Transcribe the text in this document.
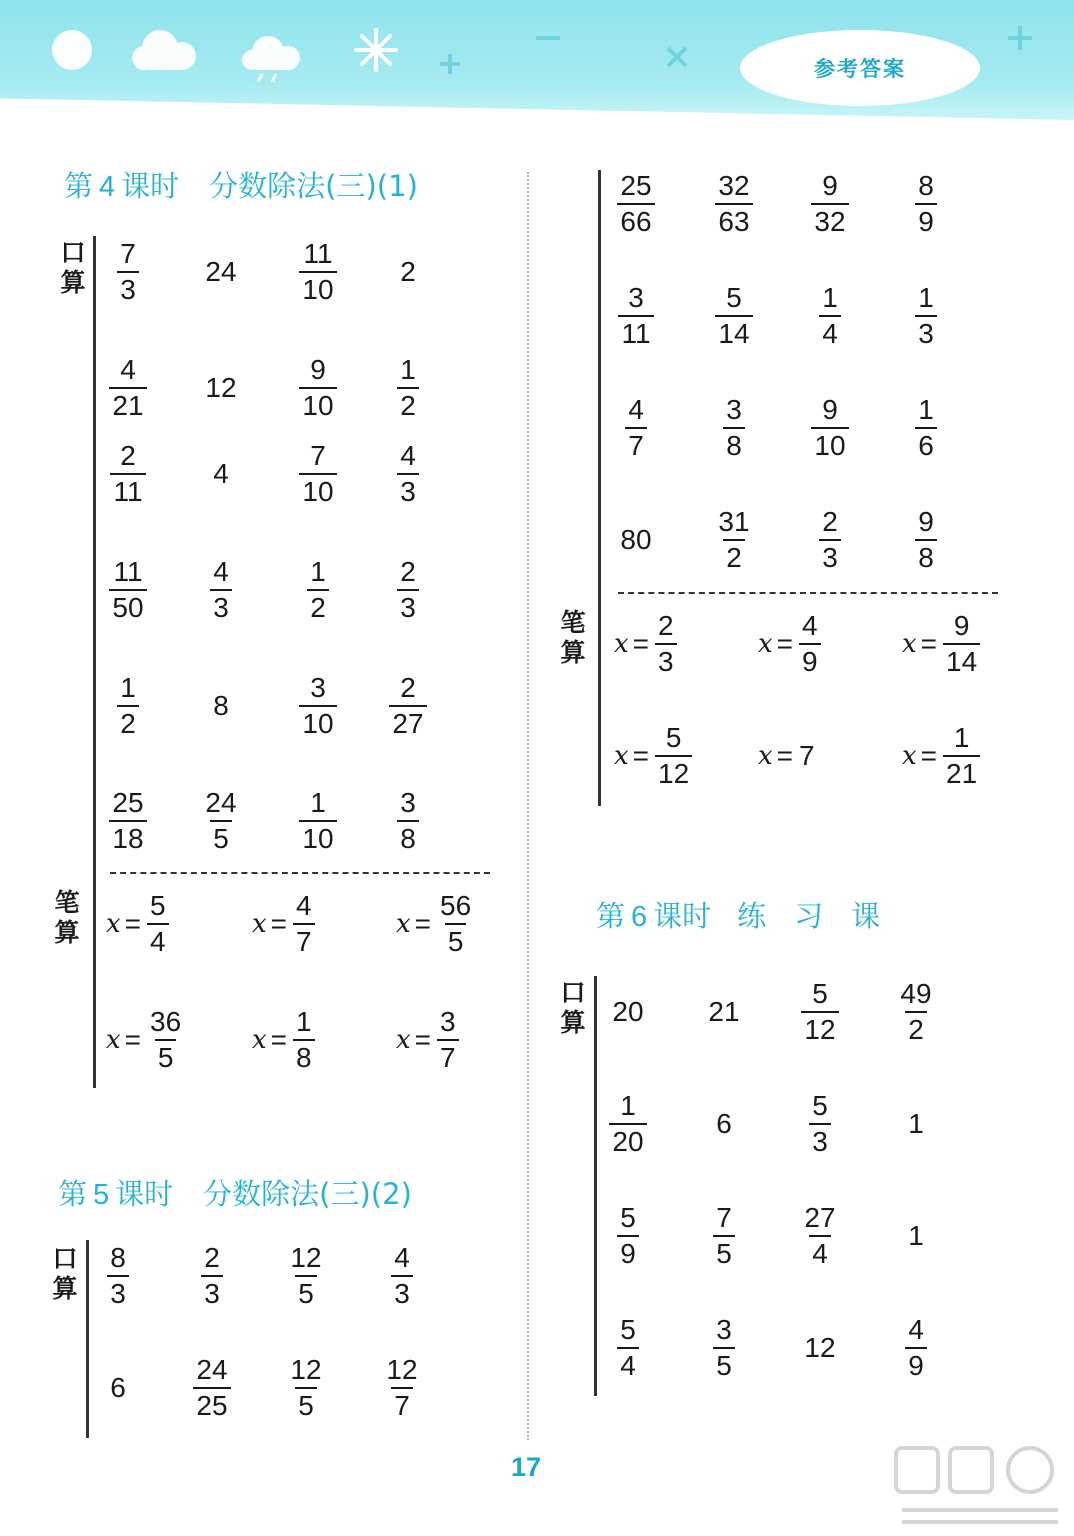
参考答案
第 4 课时 分数除法(三)(1)
第 5 课时 分数除法(三)(2)
第 6 课时 练习课
口算
笔算
口算
笔算
口算
$\frac{7}{3} 24 \frac{11}{10} 2$
$\frac{4}{21} 12 \frac{9}{10} \frac{1}{2}$
$\frac{2}{11} 4$	$\frac{7}{10} \frac{4}{3}$
$\frac{11}{50} \frac{4}{3}$	$\frac{1}{2} \frac{2}{3}$
$\frac{1}{2}$	8	$\frac{3}{10} \frac{2}{27}$
$\frac{25}{18} \frac{24}{5} \frac{1}{10} \frac{3}{8}$
$x = \frac{5}{4}$	$x = \frac{4}{7}$	$x = \frac{56}{5}$
$x = \frac{36}{5}$	$x = \frac{1}{8}$	$x = \frac{3}{7}$
$\frac{8}{3}$	$\frac{2}{3} \frac{12}{5} \frac{4}{3}$
$6 \frac{24}{25} \frac{12}{5} \frac{12}{7}$
$\frac{25}{66} \frac{32}{63} \frac{9}{32} \frac{8}{9}$
$\frac{3}{11} \frac{5}{14} \frac{1}{4}$	$\frac{1}{3}$
$\frac{4}{7}$	$\frac{3}{8} \frac{9}{10} \frac{1}{6}$
$80 \frac{31}{2} \frac{2}{3}$	$\frac{9}{8}$
$x = \frac{2}{3}$	$x = \frac{4}{9}$	$x = \frac{9}{14}$
$x = \frac{5}{12}$	x = 7	$x = \frac{1}{21}$
20 $21 \frac{5}{12} \frac{49}{2}$
$\frac{1}{20} 6$	$\frac{5}{3}$	1
$\frac{5}{9}$	$\frac{7}{5} \frac{27}{4} 1$
$\frac{5}{4}$	$\frac{3}{5} 12 \frac{4}{9}$
17
